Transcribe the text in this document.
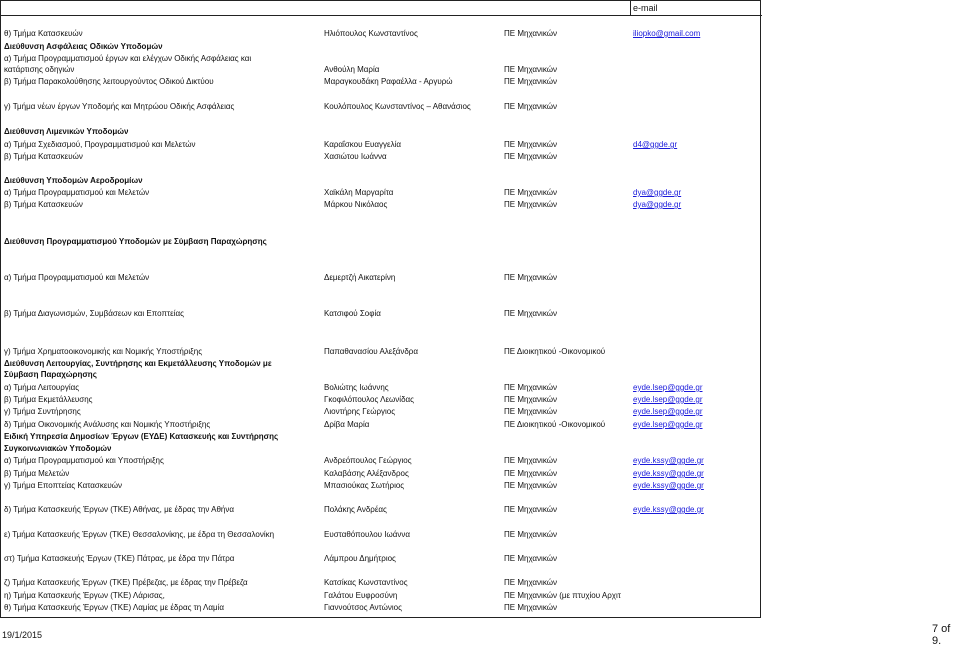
e-mail
θ) Τμήμα Κατασκευών	Ηλιόπουλος Κωνσταντίνος	ΠΕ Μηχανικών	iliopko@gmail.com
Διεύθυνση Ασφάλειας Οδικών Υποδομών
α) Τμήμα Προγραμματισμού έργων και ελέγχων Οδικής Ασφάλειας και
κατάρτισης οδηγιών	Ανθούλη Μαρία	ΠΕ Μηχανικών
β) Τμήμα Παρακολούθησης λειτουργούντος Οδικού Δικτύου	Μαραγκουδάκη Ραφαέλλα - Αργυρώ	ΠΕ Μηχανικών
γ) Τμήμα νέων έργων Υποδομής και Μητρώου Οδικής Ασφάλειας	Κουλόπουλος Κωνσταντίνος – Αθανάσιος	ΠΕ Μηχανικών
Διεύθυνση Λιμενικών Υποδομών
α) Τμήμα Σχεδιασμού, Προγραμματισμού και Μελετών	Καραΐσκου Ευαγγελία	ΠΕ Μηχανικών	d4@ggde.gr
β) Τμήμα Κατασκευών	Χασιώτου Ιωάννα	ΠΕ Μηχανικών
Διεύθυνση Υποδομών Αεροδρομίων
α) Τμήμα Προγραμματισμού και Μελετών	Χαϊκάλη Μαργαρίτα	ΠΕ Μηχανικών	dya@ggde.gr
β) Τμήμα Κατασκευών	Μάρκου Νικόλαος	ΠΕ Μηχανικών	dya@ggde.gr
Διεύθυνση Προγραμματισμού Υποδομών με Σύμβαση Παραχώρησης
α) Τμήμα Προγραμματισμού και Μελετών	Δεμερτζή Αικατερίνη	ΠΕ Μηχανικών
β) Τμήμα Διαγωνισμών, Συμβάσεων και Εποπτείας	Κατσιφού Σοφία	ΠΕ Μηχανικών
γ) Τμήμα Χρηματοοικονομικής και Νομικής Υποστήριξης	Παπαθανασίου Αλεξάνδρα	ΠΕ Διοικητικού -Οικονομικού
Διεύθυνση Λειτουργίας, Συντήρησης και Εκμετάλλευσης Υποδομών με
Σύμβαση Παραχώρησης
α) Τμήμα Λειτουργίας	Βολιώτης Ιωάννης	ΠΕ Μηχανικών	eyde.lsep@ggde.gr
β) Τμήμα Εκμετάλλευσης	Γκοφιλόπουλος Λεωνίδας	ΠΕ Μηχανικών	eyde.lsep@ggde.gr
γ) Τμήμα Συντήρησης	Λιοντήρης Γεώργιος	ΠΕ Μηχανικών	eyde.lsep@ggde.gr
δ) Τμήμα Οικονομικής Ανάλυσης και Νομικής Υποστήριξης	Δρίβα Μαρία	ΠΕ Διοικητικού -Οικονομικού	eyde.lsep@ggde.gr
Ειδική Υπηρεσία Δημοσίων Έργων (ΕΥΔΕ) Κατασκευής και Συντήρησης
Συγκοινωνιακών Υποδομών
α) Τμήμα Προγραμματισμού και Υποστήριξης	Ανδρεόπουλος Γεώργιος	ΠΕ Μηχανικών	eyde.kssy@ggde.gr
β) Τμήμα Μελετών	Καλαβάσης Αλέξανδρος	ΠΕ Μηχανικών	eyde.kssy@ggde.gr
γ) Τμήμα Εποπτείας Κατασκευών	Μπασιούκας Σωτήριος	ΠΕ Μηχανικών	eyde.kssy@ggde.gr
δ) Τμήμα Κατασκευής Έργων (ΤΚΕ) Αθήνας, με έδρας την Αθήνα	Πολάκης Ανδρέας	ΠΕ Μηχανικών	eyde.kssy@ggde.gr
ε) Τμήμα Κατασκευής Έργων (ΤΚΕ) Θεσσαλονίκης, με έδρα τη Θεσσαλονίκη	Ευσταθόπουλου Ιωάννα	ΠΕ Μηχανικών
στ) Τμήμα Κατασκευής Έργων (ΤΚΕ) Πάτρας, με έδρα την Πάτρα	Λάμπρου Δημήτριος	ΠΕ Μηχανικών
ζ) Τμήμα Κατασκευής Έργων (ΤΚΕ) Πρέβεζας, με έδρας την Πρέβεζα	Κατσίκας Κωνσταντίνος	ΠΕ Μηχανικών
η) Τμήμα Κατασκευής Έργων (ΤΚΕ) Λάρισας,	Γαλάτου Ευφροσύνη	ΠΕ Μηχανικών (με πτυχίου Αρχιτ
θ) Τμήμα Κατασκευής Έργων (ΤΚΕ) Λαμίας με έδρας τη Λαμία	Γιαννούτσος Αντώνιος	ΠΕ Μηχανικών
19/1/2015	7 of 9.
